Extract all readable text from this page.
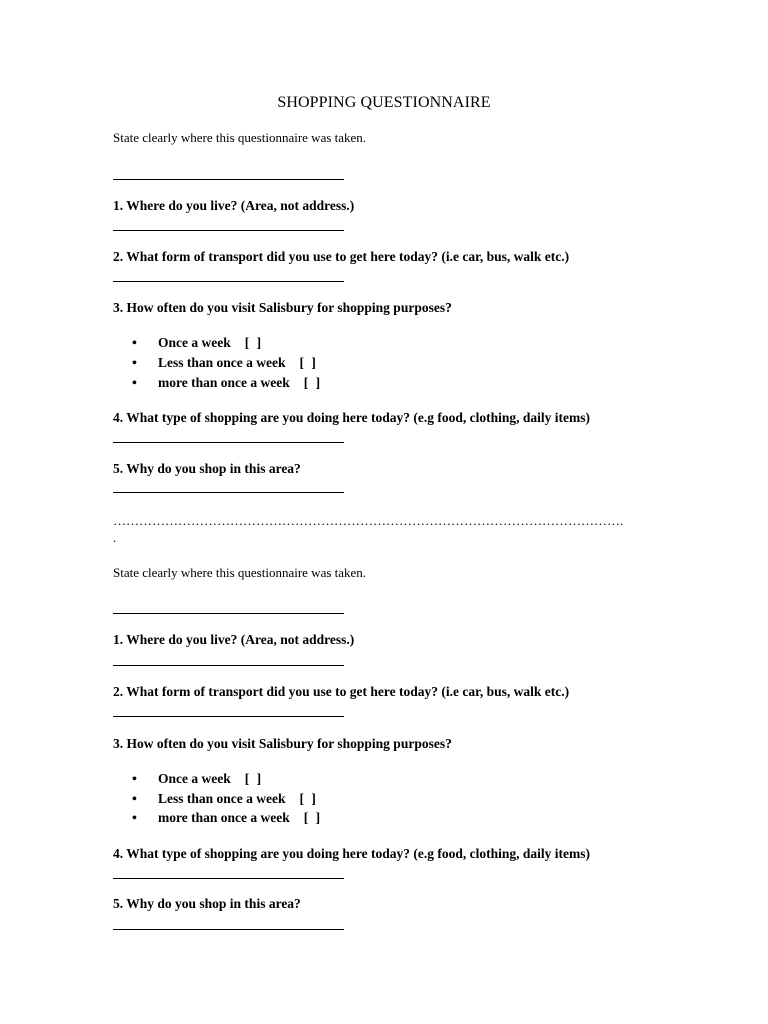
SHOPPING QUESTIONNAIRE
State clearly where this questionnaire was taken.
1. Where do you live? (Area, not address.)
2. What form of transport did you use to get here today? (i.e car, bus, walk etc.)
3. How often do you visit Salisbury for shopping purposes?
• Once a week [ ]
• Less than once a week [ ]
• more than once a week [ ]
4. What type of shopping are you doing here today? (e.g food, clothing, daily items)
5. Why do you shop in this area?
……………………………………………………………………………………………………….
.
State clearly where this questionnaire was taken.
1. Where do you live? (Area, not address.)
2. What form of transport did you use to get here today? (i.e car, bus, walk etc.)
3. How often do you visit Salisbury for shopping purposes?
• Once a week [ ]
• Less than once a week [ ]
• more than once a week [ ]
4. What type of shopping are you doing here today? (e.g food, clothing, daily items)
5. Why do you shop in this area?
